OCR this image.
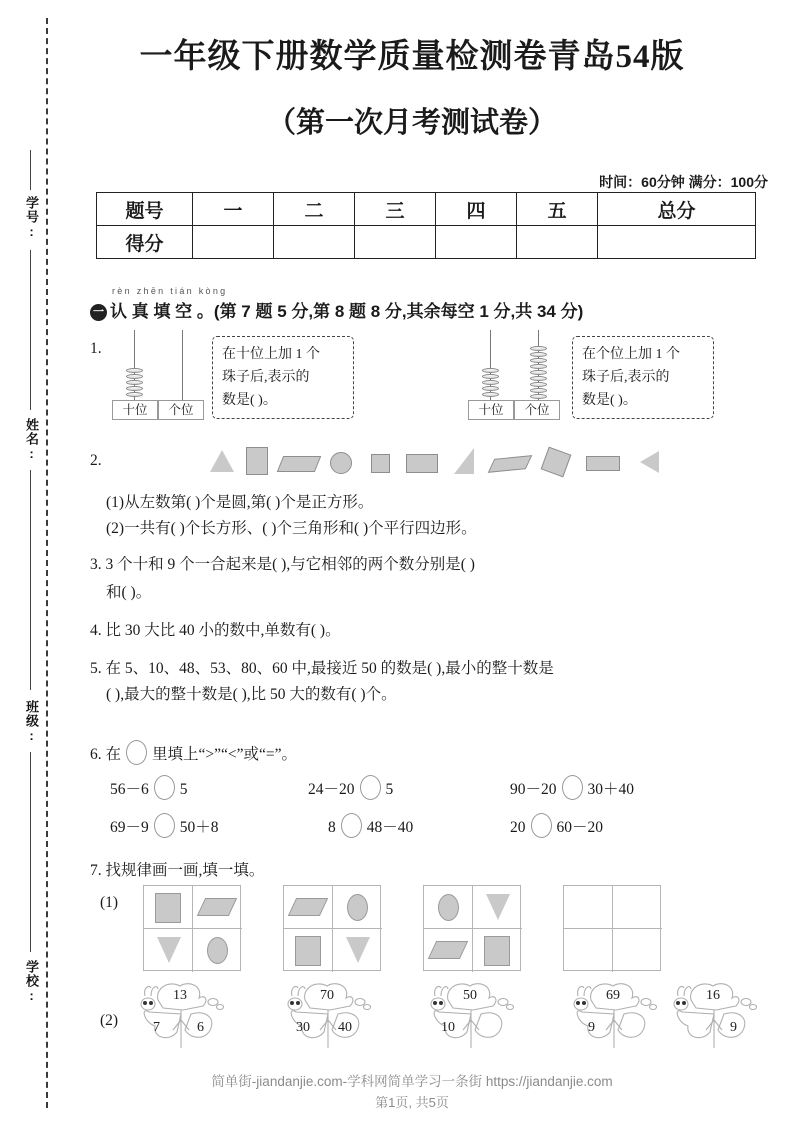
学号:
姓名:
班级:
学校:
一年级下册数学质量检测卷青岛54版
（第一次月考测试卷）
时间：60分钟 满分：100分
题号	一	二	三	四	五	总分
得分						
rèn zhēn tián kòng
一 认 真 填 空 。(第 7 题 5 分,第 8 题 8 分,其余每空 1 分,共 34 分)
1.
十位	个位
在十位上加 1 个
珠子后,表示的
数是( )。
十位	个位
在个位上加 1 个
珠子后,表示的
数是( )。
2.
(1)从左数第( )个是圆,第( )个是正方形。
(2)一共有( )个长方形、( )个三角形和( )个平行四边形。
3. 3 个十和 9 个一合起来是( ),与它相邻的两个数分别是( )
和( )。
4. 比 30 大比 40 小的数中,单数有( )。
5. 在 5、10、48、53、80、60 中,最接近 50 的数是( ),最小的整十数是
( ),最大的整十数是( ),比 50 大的数有( )个。
6. 在 里填上“>”“<”或“=”。
56－6 5	24－20 5	90－20 30＋40
69－9 50＋8	8 48－40	20 60－20
7. 找规律画一画,填一填。
(1)
(2)
13
7	6
70
30 40
50
10
69
9
16
9
简单街-jiandanjie.com-学科网简单学习一条街 https://jiandanjie.com
第1页, 共5页
